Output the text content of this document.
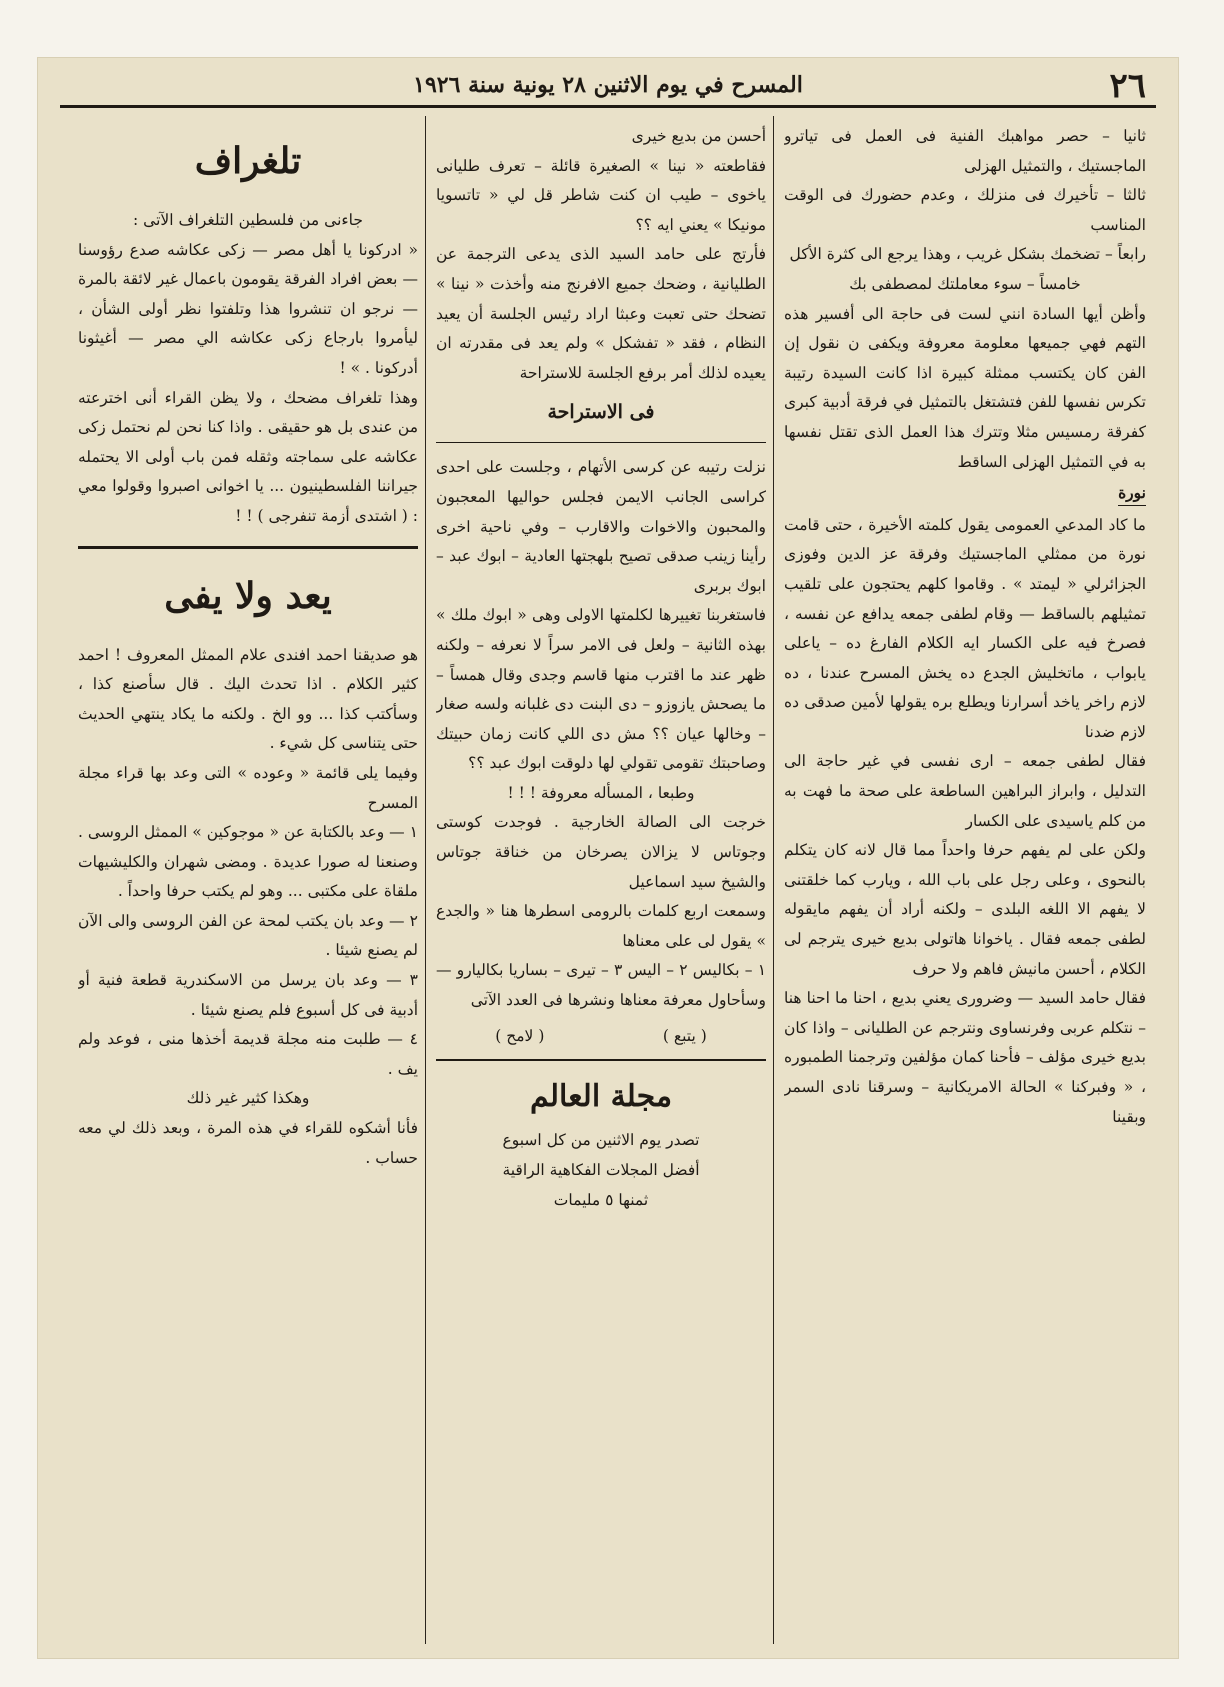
٢٦
المسرح في يوم الاثنين ٢٨ يونية سنة ١٩٢٦

ثانيا – حصر مواهبك الفنية فى العمل فى تياترو الماجستيك ، والتمثيل الهزلى

ثالثا – تأخيرك فى منزلك ، وعدم حضورك فى الوقت المناسب

رابعاً – تضخمك بشكل غريب ، وهذا يرجع الى كثرة الأكل

خامساً – سوء معاملتك لمصطفى بك

وأظن أيها السادة انني لست فى حاجة الى أفسير هذه التهم فهي جميعها معلومة معروفة ويكفى ن نقول إن الفن كان يكتسب ممثلة كبيرة اذا كانت السيدة رتيبة تكرس نفسها للفن فتشتغل بالتمثيل في فرقة أدبية كبرى كفرقة رمسيس مثلا وتترك هذا العمل الذى تقتل نفسها به في التمثيل الهزلى الساقط

نورة

ما كاد المدعي العمومى يقول كلمته الأخيرة ، حتى قامت نورة من ممثلي الماجستيك وفرقة عز الدين وفوزى الجزائرلي « ليمتد » . وقاموا كلهم يحتجون على تلقيب تمثيلهم بالساقط — وقام لطفى جمعه يدافع عن نفسه ، فصرخ فيه على الكسار ايه الكلام الفارغ ده – ياعلى يابواب ، ماتخليش الجدع ده يخش المسرح عندنا ، ده لازم راخر ياخد أسرارنا ويطلع بره يقولها لأمين صدقى ده لازم ضدنا

فقال لطفى جمعه – ارى نفسى في غير حاجة الى التدليل ، وابراز البراهين الساطعة على صحة ما فهت به من كلم ياسيدى على الكسار

ولكن على لم يفهم حرفا واحداً مما قال لانه كان يتكلم بالنحوى ، وعلى رجل على باب الله ، ويارب كما خلقتنى لا يفهم الا اللغه البلدى – ولكنه أراد أن يفهم مايقوله لطفى جمعه فقال . ياخوانا هاتولى بديع خيرى يترجم لى الكلام ، أحسن مانيش فاهم ولا حرف

فقال حامد السيد — وضرورى يعني بديع ، احنا ما احنا هنا – نتكلم عربى وفرنساوى ونترجم عن الطليانى – واذا كان بديع خيرى مؤلف – فأحنا كمان مؤلفين وترجمنا الطمبوره ، « وفبركنا » الحالة الامريكانية – وسرقنا نادى السمر وبقينا

أحسن من بديع خيرى

فقاطعته « نينا » الصغيرة قائلة – تعرف طليانى ياخوى – طيب ان كنت شاطر قل لي « تاتسويا مونيكا » يعني ايه ؟؟

فأرتج على حامد السيد الذى يدعى الترجمة عن الطليانية ، وضحك جميع الافرنج منه وأخذت « نينا » تضحك حتى تعبت وعبثا اراد رئيس الجلسة أن يعيد النظام ، فقد « تفشكل » ولم يعد فى مقدرته ان يعيده لذلك أمر برفع الجلسة للاستراحة

فى الاستراحة

نزلت رتيبه عن كرسى الأتهام ، وجلست على احدى كراسى الجانب الايمن فجلس حواليها المعجبون والمحبون والاخوات والاقارب – وفي ناحية اخرى رأينا زينب صدقى تصيح بلهجتها العادية – ابوك عبد – ابوك بربرى

فاستغربنا تغييرها لكلمتها الاولى وهى « ابوك ملك » بهذه الثانية – ولعل فى الامر سراً لا نعرفه – ولكنه ظهر عند ما اقترب منها قاسم وجدى وقال همساً – ما يصحش يازوزو – دى البنت دى غلبانه ولسه صغار – وخالها عيان ؟؟ مش دى اللي كانت زمان حبيتك وصاحبتك تقومى تقولي لها دلوقت ابوك عبد ؟؟

وطبعا ، المسأله معروفة ! ! !

خرجت الى الصالة الخارجية . فوجدت كوستى وجوتاس لا يزالان يصرخان من خناقة جوتاس والشيخ سيد اسماعيل

وسمعت اربع كلمات بالرومى اسطرها هنا « والجدع » يقول لى على معناها

١ – بكاليس ٢ – اليس ٣ – تيرى – بساريا بكاليارو — وسأحاول معرفة معناها ونشرها فى العدد الآتى

( يتبع )
( لامح )
مجلة العالم
تصدر يوم الاثنين من كل اسبوع
أفضل المجلات الفكاهية الراقية
ثمنها ٥ مليمات
تلغراف

جاءنى من فلسطين التلغراف الآتى :

« ادركونا يا أهل مصر — زكى عكاشه صدع رؤوسنا — بعض افراد الفرقة يقومون باعمال غير لائقة بالمرة — نرجو ان تنشروا هذا وتلفتوا نظر أولى الشأن ، ليأمروا بارجاع زكى عكاشه الي مصر — أغيثونا أدركونا . » !

وهذا تلغراف مضحك ، ولا يظن القراء أنى اخترعته من عندى بل هو حقيقى . واذا كنا نحن لم نحتمل زكى عكاشه على سماجته وثقله فمن باب أولى الا يحتمله جيراننا الفلسطينيون ... يا اخوانى اصبروا وقولوا معي : ( اشتدى أزمة تنفرجى ) ! !

يعد ولا يفى

هو صديقنا احمد افندى علام الممثل المعروف ! احمد كثير الكلام . اذا تحدث اليك . قال سأصنع كذا ، وسأكتب كذا ... وو الخ . ولكنه ما يكاد ينتهي الحديث حتى يتناسى كل شيء .

وفيما يلى قائمة « وعوده » التى وعد بها قراء مجلة المسرح

١ — وعد بالكتابة عن « موجوكين » الممثل الروسى . وصنعنا له صورا عديدة . ومضى شهران والكليشيهات ملقاة على مكتبى ... وهو لم يكتب حرفا واحداً .

٢ — وعد بان يكتب لمحة عن الفن الروسى والى الآن لم يصنع شيئا .

٣ — وعد بان يرسل من الاسكندرية قطعة فنية أو أدبية فى كل أسبوع فلم يصنع شيئا .

٤ — طلبت منه مجلة قديمة أخذها منى ، فوعد ولم يف .

وهكذا كثير غير ذلك

فأنا أشكوه للقراء في هذه المرة ، وبعد ذلك لي معه حساب .
